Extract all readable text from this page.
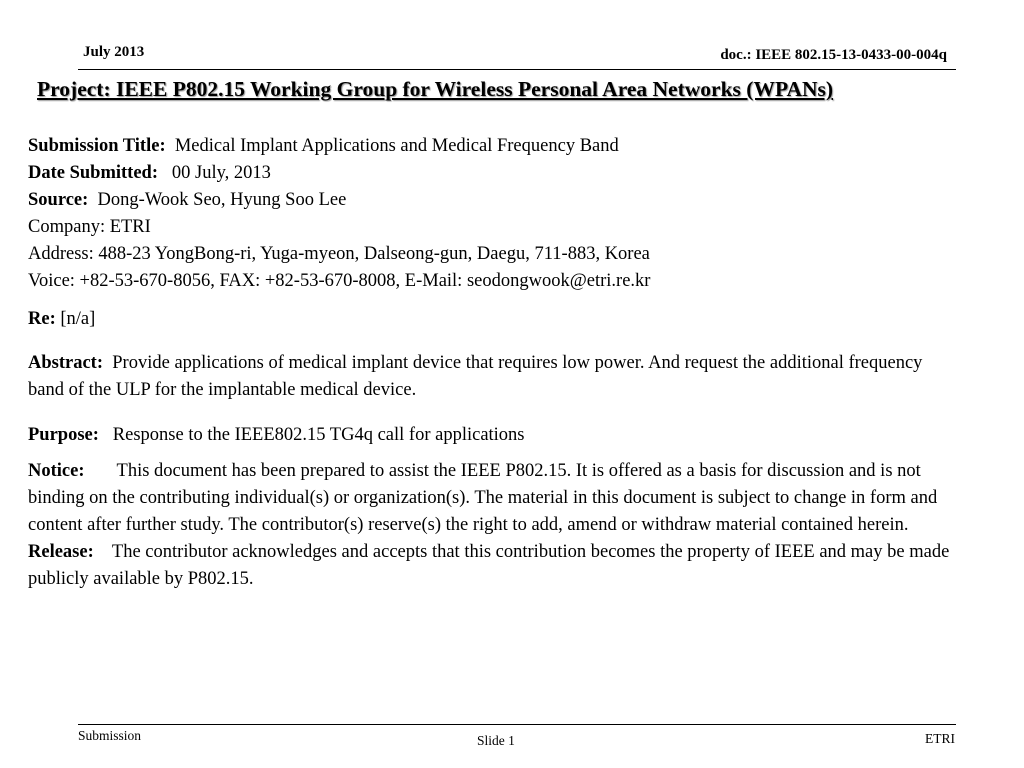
July 2013	doc.: IEEE 802.15-13-0433-00-004q
Project: IEEE P802.15 Working Group for Wireless Personal Area Networks (WPANs)
Submission Title: Medical Implant Applications and Medical Frequency Band
Date Submitted: 00 July, 2013
Source: Dong-Wook Seo, Hyung Soo Lee
Company: ETRI
Address: 488-23 YongBong-ri, Yuga-myeon, Dalseong-gun, Daegu, 711-883, Korea
Voice: +82-53-670-8056, FAX: +82-53-670-8008, E-Mail: seodongwook@etri.re.kr
Re: [n/a]
Abstract: Provide applications of medical implant device that requires low power. And request the additional frequency band of the ULP for the implantable medical device.
Purpose: Response to the IEEE802.15 TG4q call for applications
Notice: This document has been prepared to assist the IEEE P802.15. It is offered as a basis for discussion and is not binding on the contributing individual(s) or organization(s). The material in this document is subject to change in form and content after further study. The contributor(s) reserve(s) the right to add, amend or withdraw material contained herein.
Release: The contributor acknowledges and accepts that this contribution becomes the property of IEEE and may be made publicly available by P802.15.
Submission	Slide 1	ETRI
